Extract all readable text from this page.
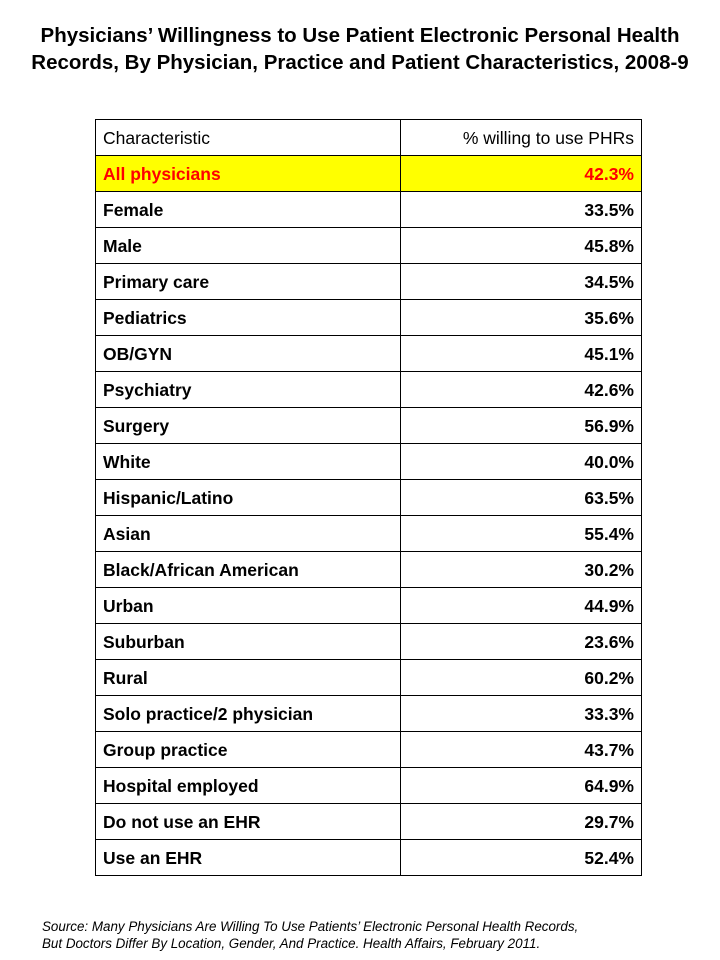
Physicians’ Willingness to Use Patient Electronic Personal Health Records, By Physician, Practice and Patient Characteristics, 2008-9
Characteristic	% willing to use PHRs
All physicians	42.3%
Female	33.5%
Male	45.8%
Primary care	34.5%
Pediatrics	35.6%
OB/GYN	45.1%
Psychiatry	42.6%
Surgery	56.9%
White	40.0%
Hispanic/Latino	63.5%
Asian	55.4%
Black/African American	30.2%
Urban	44.9%
Suburban	23.6%
Rural	60.2%
Solo practice/2 physician	33.3%
Group practice	43.7%
Hospital employed	64.9%
Do not use an EHR	29.7%
Use an EHR	52.4%
Source: Many Physicians Are Willing To Use Patients’ Electronic Personal Health Records,
But Doctors Differ By Location, Gender, And Practice. Health Affairs, February 2011.
